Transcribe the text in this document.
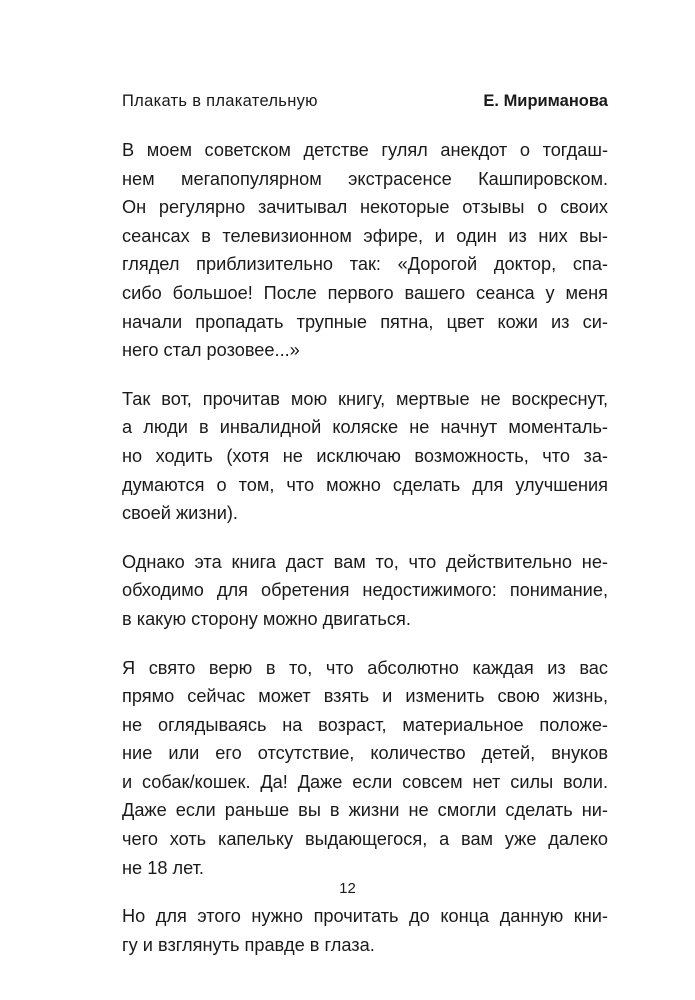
Плакать в плакательную	Е. Мириманова

В моем советском детстве гулял анекдот о тогдаш-
нем мегапопулярном экстрасенсе Кашпировском.
Он регулярно зачитывал некоторые отзывы о своих
сеансах в телевизионном эфире, и один из них вы-
глядел приблизительно так: «Дорогой доктор, спа-
сибо большое! После первого вашего сеанса у меня
начали пропадать трупные пятна, цвет кожи из си-
него стал розовее...»

Так вот, прочитав мою книгу, мертвые не воскреснут,
а люди в инвалидной коляске не начнут моменталь-
но ходить (хотя не исключаю возможность, что за-
думаются о том, что можно сделать для улучшения
своей жизни).

Однако эта книга даст вам то, что действительно не-
обходимо для обретения недостижимого: понимание,
в какую сторону можно двигаться.

Я свято верю в то, что абсолютно каждая из вас
прямо сейчас может взять и изменить свою жизнь,
не оглядываясь на возраст, материальное положе-
ние или его отсутствие, количество детей, внуков
и собак/кошек. Да! Даже если совсем нет силы воли.
Даже если раньше вы в жизни не смогли сделать ни-
чего хоть капельку выдающегося, а вам уже далеко
не 18 лет.

Но для этого нужно прочитать до конца данную кни-
гу и взглянуть правде в глаза.

12
